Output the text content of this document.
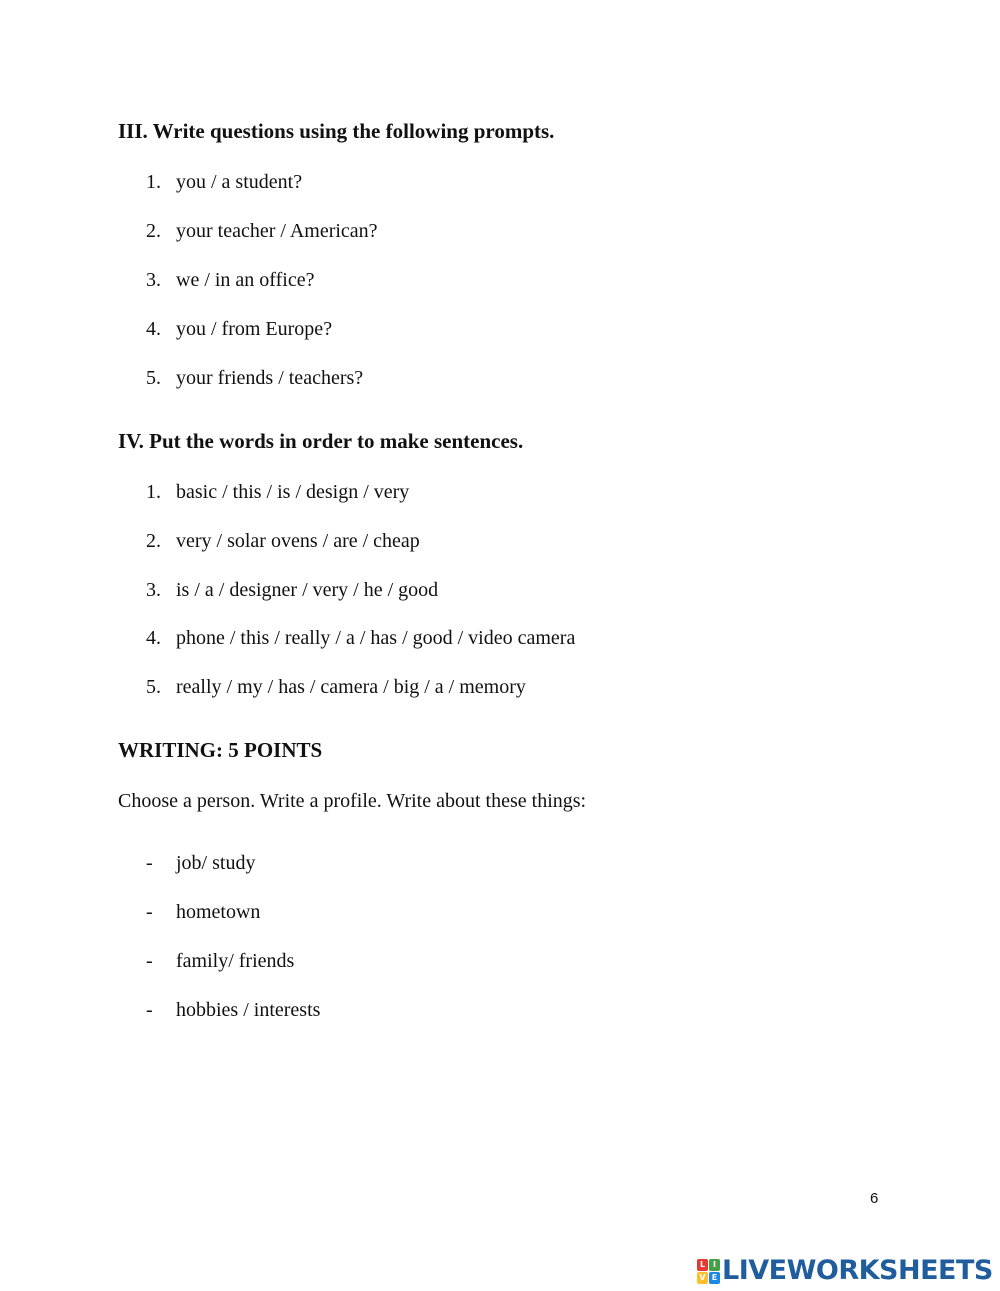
III. Write questions using the following prompts.
1. you / a student?
2. your teacher / American?
3. we / in an office?
4. you / from Europe?
5. your friends / teachers?
IV. Put the words in order to make sentences.
1. basic / this / is / design / very
2. very / solar ovens / are / cheap
3. is / a / designer / very / he / good
4. phone / this / really / a / has / good / video camera
5. really / my / has / camera / big / a / memory
WRITING: 5 POINTS
Choose a person. Write a profile. Write about these things:
- job/ study
- hometown
- family/ friends
- hobbies / interests
6
L I
V E LIVEWORKSHEETS
